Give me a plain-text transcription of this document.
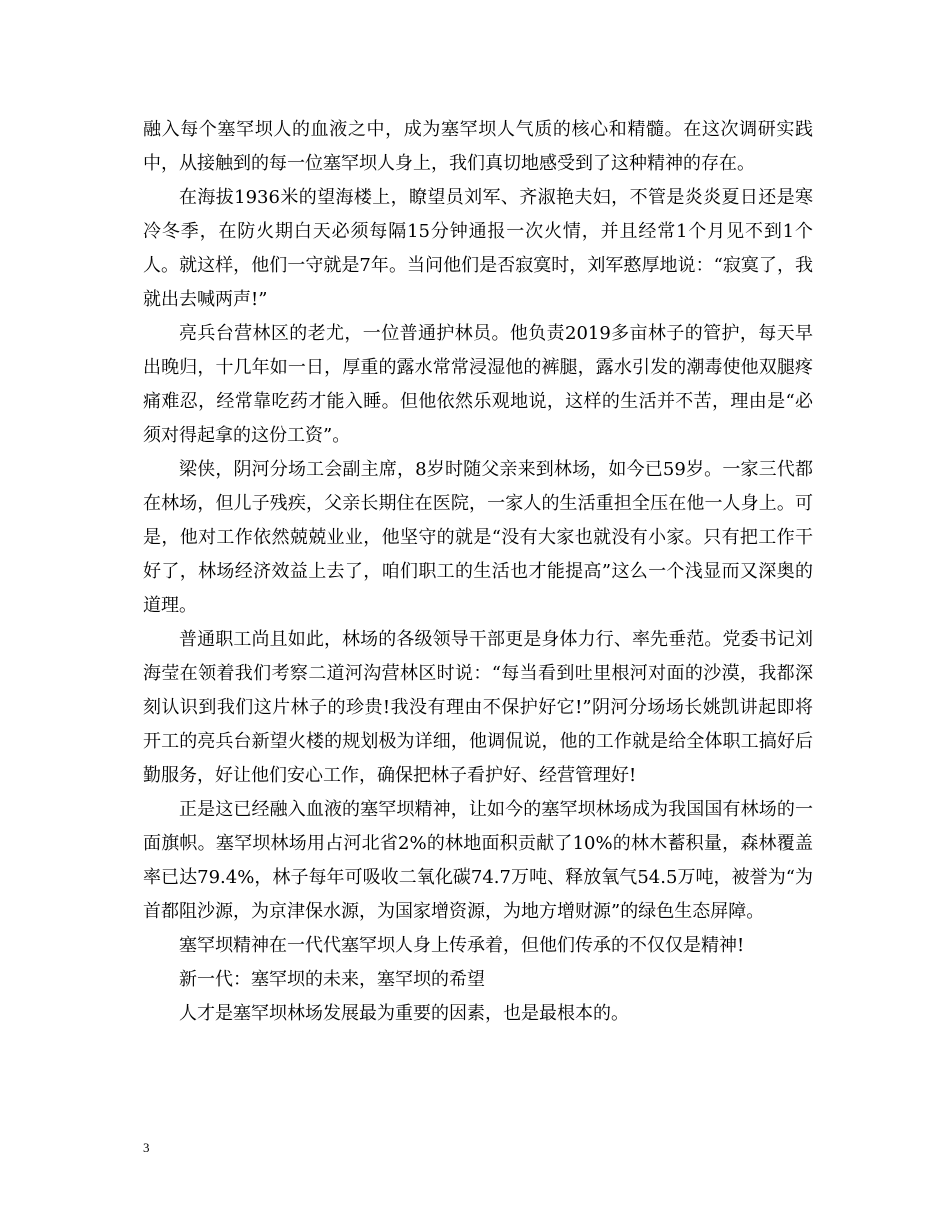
融入每个塞罕坝人的血液之中，成为塞罕坝人气质的核心和精髓。在这次调研实践中，从接触到的每一位塞罕坝人身上，我们真切地感受到了这种精神的存在。

在海拔1936米的望海楼上，瞭望员刘军、齐淑艳夫妇，不管是炎炎夏日还是寒冷冬季，在防火期白天必须每隔15分钟通报一次火情，并且经常1个月见不到1个人。就这样，他们一守就是7年。当问他们是否寂寞时，刘军憨厚地说：“寂寞了，我就出去喊两声!”

亮兵台营林区的老尤，一位普通护林员。他负责2019多亩林子的管护，每天早出晚归，十几年如一日，厚重的露水常常浸湿他的裤腿，露水引发的潮毒使他双腿疼痛难忍，经常靠吃药才能入睡。但他依然乐观地说，这样的生活并不苦，理由是“必须对得起拿的这份工资”。

梁侠，阴河分场工会副主席，8岁时随父亲来到林场，如今已59岁。一家三代都在林场，但儿子残疾，父亲长期住在医院，一家人的生活重担全压在他一人身上。可是，他对工作依然兢兢业业，他坚守的就是“没有大家也就没有小家。只有把工作干好了，林场经济效益上去了，咱们职工的生活也才能提高”这么一个浅显而又深奥的道理。

普通职工尚且如此，林场的各级领导干部更是身体力行、率先垂范。党委书记刘海莹在领着我们考察二道河沟营林区时说：“每当看到吐里根河对面的沙漠，我都深刻认识到我们这片林子的珍贵!我没有理由不保护好它!”阴河分场场长姚凯讲起即将开工的亮兵台新望火楼的规划极为详细，他调侃说，他的工作就是给全体职工搞好后勤服务，好让他们安心工作，确保把林子看护好、经营管理好!

正是这已经融入血液的塞罕坝精神，让如今的塞罕坝林场成为我国国有林场的一面旗帜。塞罕坝林场用占河北省2%的林地面积贡献了10%的林木蓄积量，森林覆盖率已达79.4%，林子每年可吸收二氧化碳74.7万吨、释放氧气54.5万吨，被誉为“为首都阻沙源，为京津保水源，为国家增资源，为地方增财源”的绿色生态屏障。

塞罕坝精神在一代代塞罕坝人身上传承着，但他们传承的不仅仅是精神!

新一代：塞罕坝的未来，塞罕坝的希望

人才是塞罕坝林场发展最为重要的因素，也是最根本的。

3
